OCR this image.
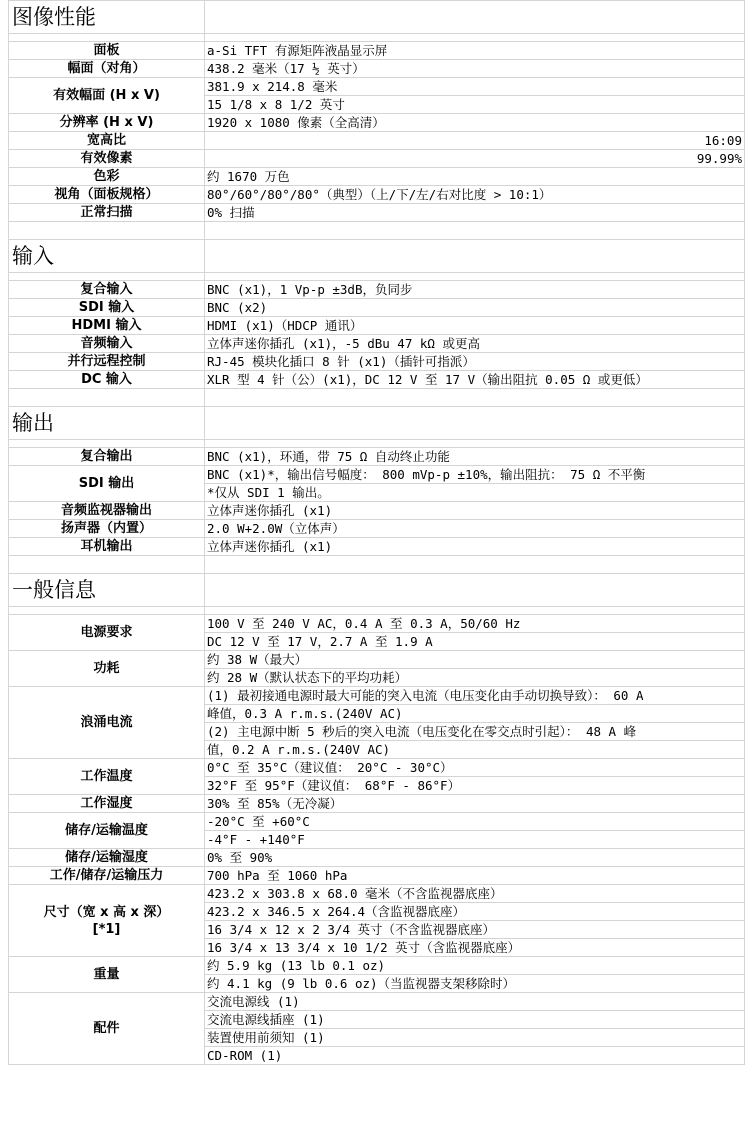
图像性能	

面板	a-Si TFT 有源矩阵液晶显示屏
幅面（对角）	438.2 毫米（17 ½ 英寸）
有效幅面 (H x V)	381.9 x 214.8 毫米
	15 1/8 x 8 1/2 英寸
分辨率 (H x V)	1920 x 1080 像素（全高清）
宽高比	16:09
有效像素	99.99%
色彩	约 1670 万色
视角（面板规格）	80°/60°/80°/80°（典型）（上/下/左/右对比度 > 10:1）
正常扫描	0% 扫描

输入	

复合输入	BNC (x1)，1 Vp-p ±3dB，负同步
SDI 输入	BNC (x2)
HDMI 输入	HDMI (x1)（HDCP 通讯）
音频输入	立体声迷你插孔 (x1)，-5 dBu 47 kΩ 或更高
并行远程控制	RJ-45 模块化插口 8 针 (x1)（插针可指派）
DC 输入	XLR 型 4 针（公）(x1)，DC 12 V 至 17 V（输出阻抗 0.05 Ω 或更低）

输出	

复合输出	BNC (x1)，环通，带 75 Ω 自动终止功能
SDI 输出	BNC (x1)*，输出信号幅度： 800 mVp-p ±10%，输出阻抗： 75 Ω 不平衡
	*仅从 SDI 1 输出。
音频监视器输出	立体声迷你插孔 (x1)
扬声器（内置）	2.0 W+2.0W（立体声）
耳机输出	立体声迷你插孔 (x1)

一般信息	

电源要求	100 V 至 240 V AC，0.4 A 至 0.3 A，50/60 Hz
	DC 12 V 至 17 V，2.7 A 至 1.9 A
功耗	约 38 W（最大）
	约 28 W（默认状态下的平均功耗）
浪涌电流	(1) 最初接通电源时最大可能的突入电流（电压变化由手动切换导致）： 60 A
	峰值，0.3 A r.m.s.(240V AC)
	(2) 主电源中断 5 秒后的突入电流（电压变化在零交点时引起）： 48 A 峰
	值，0.2 A r.m.s.(240V AC)
工作温度	0°C 至 35°C（建议值： 20°C - 30°C）
	32°F 至 95°F（建议值： 68°F - 86°F）
工作湿度	30% 至 85%（无冷凝）
储存/运输温度	-20°C 至 +60°C
	-4°F - +140°F
储存/运输湿度	0% 至 90%
工作/储存/运输压力	700 hPa 至 1060 hPa
尺寸（宽 x 高 x 深）[*1]	423.2 x 303.8 x 68.0 毫米（不含监视器底座）
	423.2 x 346.5 x 264.4（含监视器底座）
	16 3/4 x 12 x 2 3/4 英寸（不含监视器底座）
	16 3/4 x 13 3/4 x 10 1/2 英寸（含监视器底座）
重量	约 5.9 kg (13 lb 0.1 oz)
	约 4.1 kg (9 lb 0.6 oz)（当监视器支架移除时）
配件	交流电源线 (1)
	交流电源线插座 (1)
	装置使用前须知 (1)
	CD-ROM (1)
